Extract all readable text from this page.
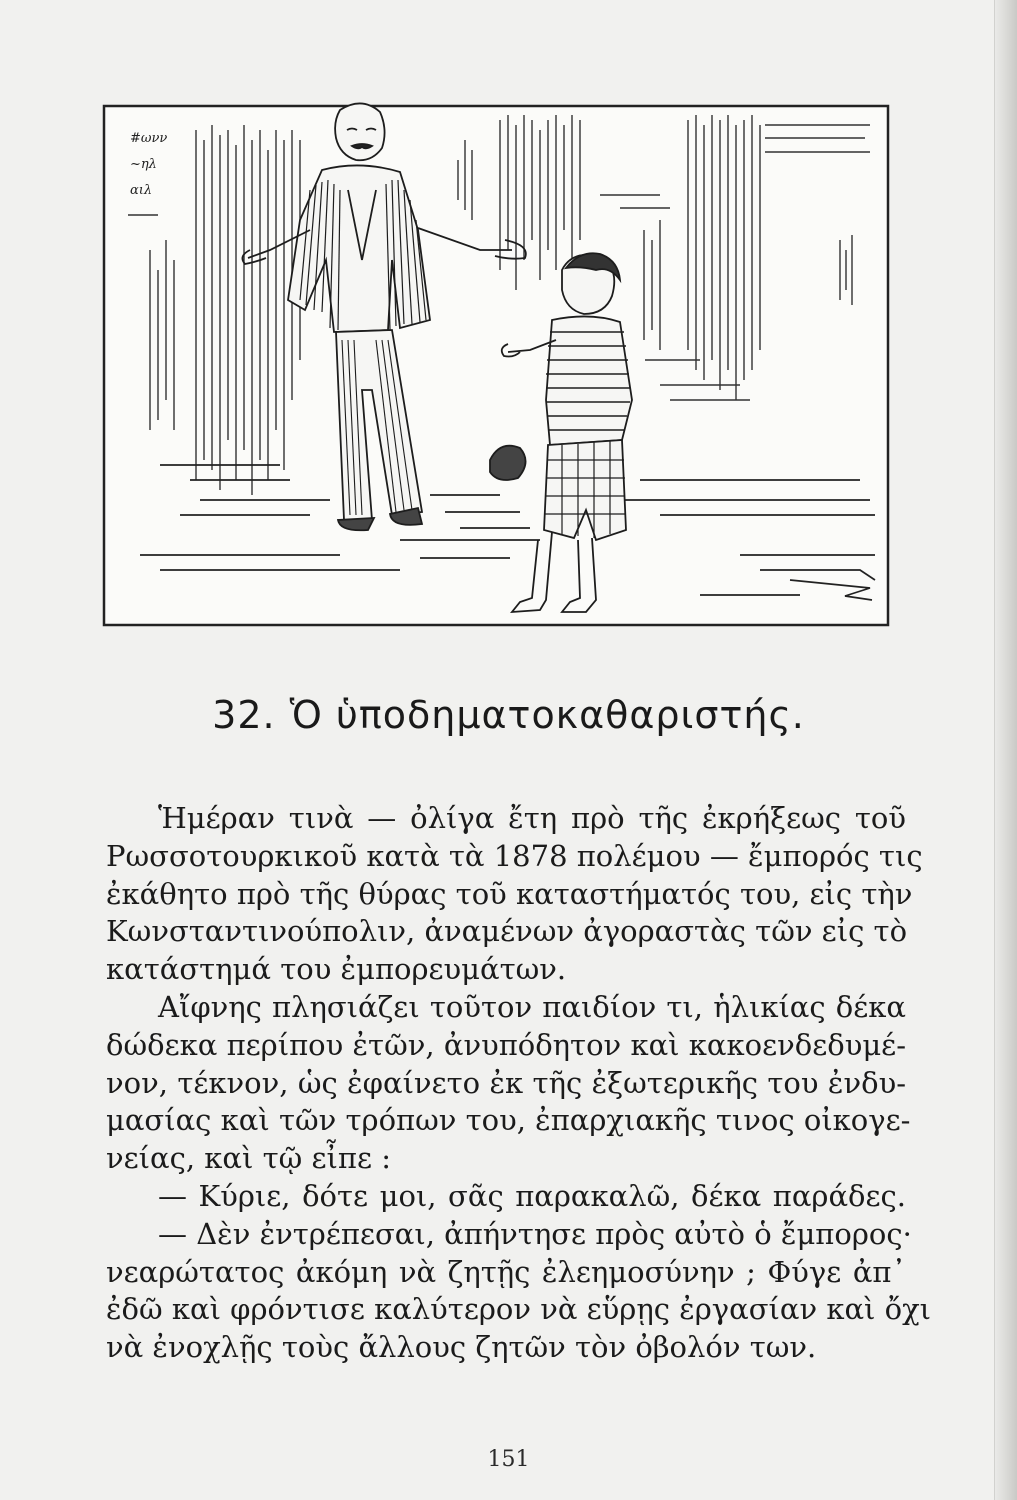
#ωνν
~ηλ
αιλ
32. Ὁ ὑποδηματοκαθαριστής.

Ἡμέραν τινὰ — ὀλίγα ἔτη πρὸ τῆς ἐκρήξεως τοῦ

Ρωσσοτουρκικοῦ κατὰ τὰ 1878 πολέμου — ἔμπορός τις

ἐκάθητο πρὸ τῆς θύρας τοῦ καταστήματός του, εἰς τὴν

Κωνσταντινούπολιν, ἀναμένων ἀγοραστὰς τῶν εἰς τὸ

κατάστημά του ἐμπορευμάτων.

Αἴφνης πλησιάζει τοῦτον παιδίον τι, ἡλικίας δέκα

δώδεκα περίπου ἐτῶν, ἀνυπόδητον καὶ κακοενδεδυμέ-

νον, τέκνον, ὡς ἐφαίνετο ἐκ τῆς ἐξωτερικῆς του ἐνδυ-

μασίας καὶ τῶν τρόπων του, ἐπαρχιακῆς τινος οἰκογε-

νείας, καὶ τῷ εἶπε :

— Κύριε, δότε μοι, σᾶς παρακαλῶ, δέκα παράδες.

— Δὲν ἐντρέπεσαι, ἀπήντησε πρὸς αὐτὸ ὁ ἔμπορος·

νεαρώτατος ἀκόμη νὰ ζητῇς ἐλεημοσύνην ; Φύγε ἀπ᾽

ἐδῶ καὶ φρόντισε καλύτερον νὰ εὕρῃς ἐργασίαν καὶ ὄχι

νὰ ἐνοχλῇς τοὺς ἄλλους ζητῶν τὸν ὀβολόν των.

151
